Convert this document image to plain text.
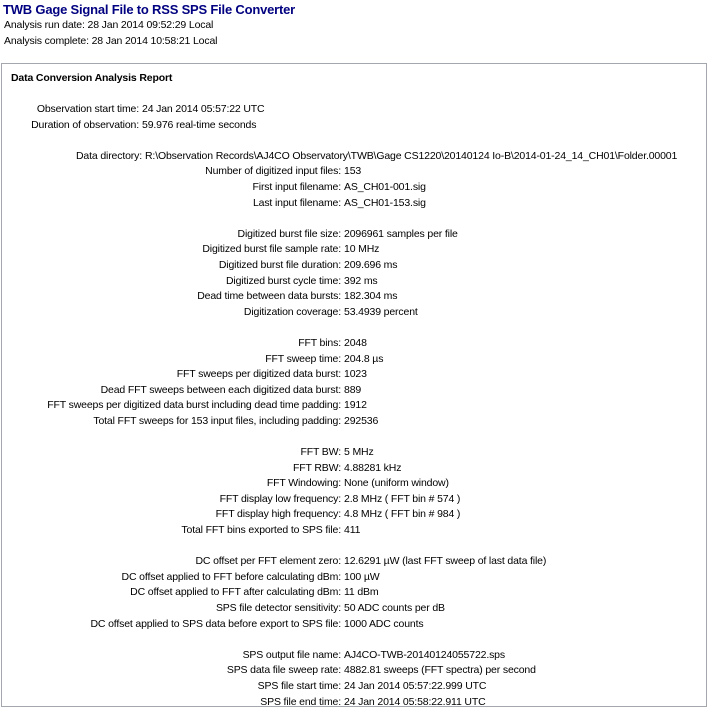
TWB Gage Signal File to RSS SPS File Converter
Analysis run date: 28 Jan 2014 09:52:29 Local
Analysis complete: 28 Jan 2014 10:58:21 Local
Data Conversion Analysis Report
Observation start time: 24 Jan 2014 05:57:22 UTC
Duration of observation: 59.976 real-time seconds
Data directory: R:\Observation Records\AJ4CO Observatory\TWB\Gage CS1220\20140124 Io-B\2014-01-24_14_CH01\Folder.00001
Number of digitized input files: 153
First input filename: AS_CH01-001.sig
Last input filename: AS_CH01-153.sig
Digitized burst file size: 2096961 samples per file
Digitized burst file sample rate: 10 MHz
Digitized burst file duration: 209.696 ms
Digitized burst cycle time: 392 ms
Dead time between data bursts: 182.304 ms
Digitization coverage: 53.4939 percent
FFT bins: 2048
FFT sweep time: 204.8 µs
FFT sweeps per digitized data burst: 1023
Dead FFT sweeps between each digitized data burst: 889
FFT sweeps per digitized data burst including dead time padding: 1912
Total FFT sweeps for 153 input files, including padding: 292536
FFT BW: 5 MHz
FFT RBW: 4.88281 kHz
FFT Windowing: None (uniform window)
FFT display low frequency: 2.8 MHz ( FFT bin # 574 )
FFT display high frequency: 4.8 MHz ( FFT bin # 984 )
Total FFT bins exported to SPS file: 411
DC offset per FFT element zero: 12.6291 µW (last FFT sweep of last data file)
DC offset applied to FFT before calculating dBm: 100 µW
DC offset applied to FFT after calculating dBm: 11 dBm
SPS file detector sensitivity: 50 ADC counts per dB
DC offset applied to SPS data before export to SPS file: 1000 ADC counts
SPS output file name: AJ4CO-TWB-20140124055722.sps
SPS data file sweep rate: 4882.81 sweeps (FFT spectra) per second
SPS file start time: 24 Jan 2014 05:57:22.999 UTC
SPS file end time: 24 Jan 2014 05:58:22.911 UTC
